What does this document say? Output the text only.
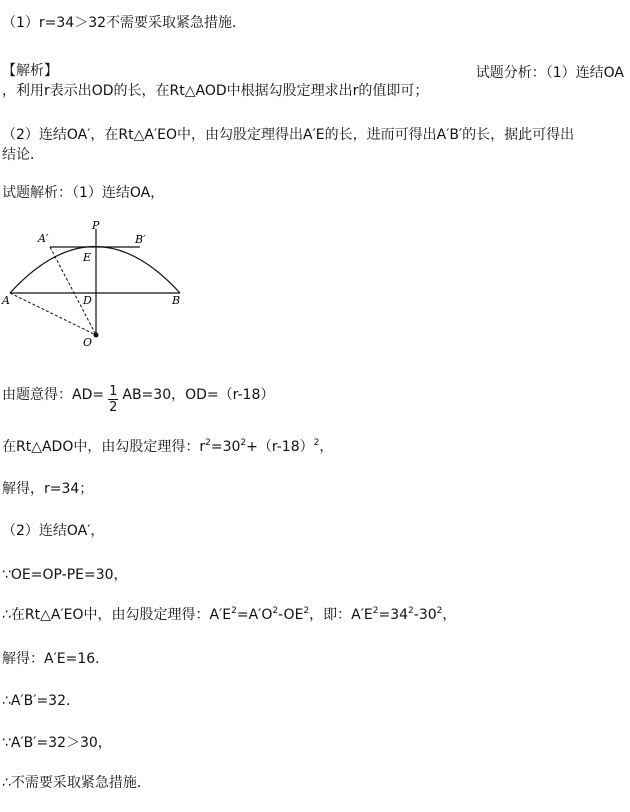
（1）r=34＞32不需要采取紧急措施．
【解析】	试题分析：（1）连结OA
，利用r表示出OD的长，在Rt△AOD中根据勾股定理求出r的值即可；
（2）连结OA′，在Rt△A′EO中，由勾股定理得出A′E的长，进而可得出A′B′的长，据此可得出
结论．
试题解析：（1）连结OA，
A′
P
B′
E
A	D	B
O
由题意得：$AD= \frac{1}{2} AB=30$，OD=（r-18）
在Rt△ADO中，由勾股定理得：$r^2=30^2+(r-18)^2$，
解得，r=34；
（2）连结OA′，
∵OE=OP-PE=30，
∴在Rt△A′EO中，由勾股定理得：$A'E^2=A'O^2-OE^2$，即：$A'E^2=34^2-30^2$，
解得：A′E=16．
∴A′B′=32．
∵A′B′=32＞30，
∴不需要采取紧急措施．
